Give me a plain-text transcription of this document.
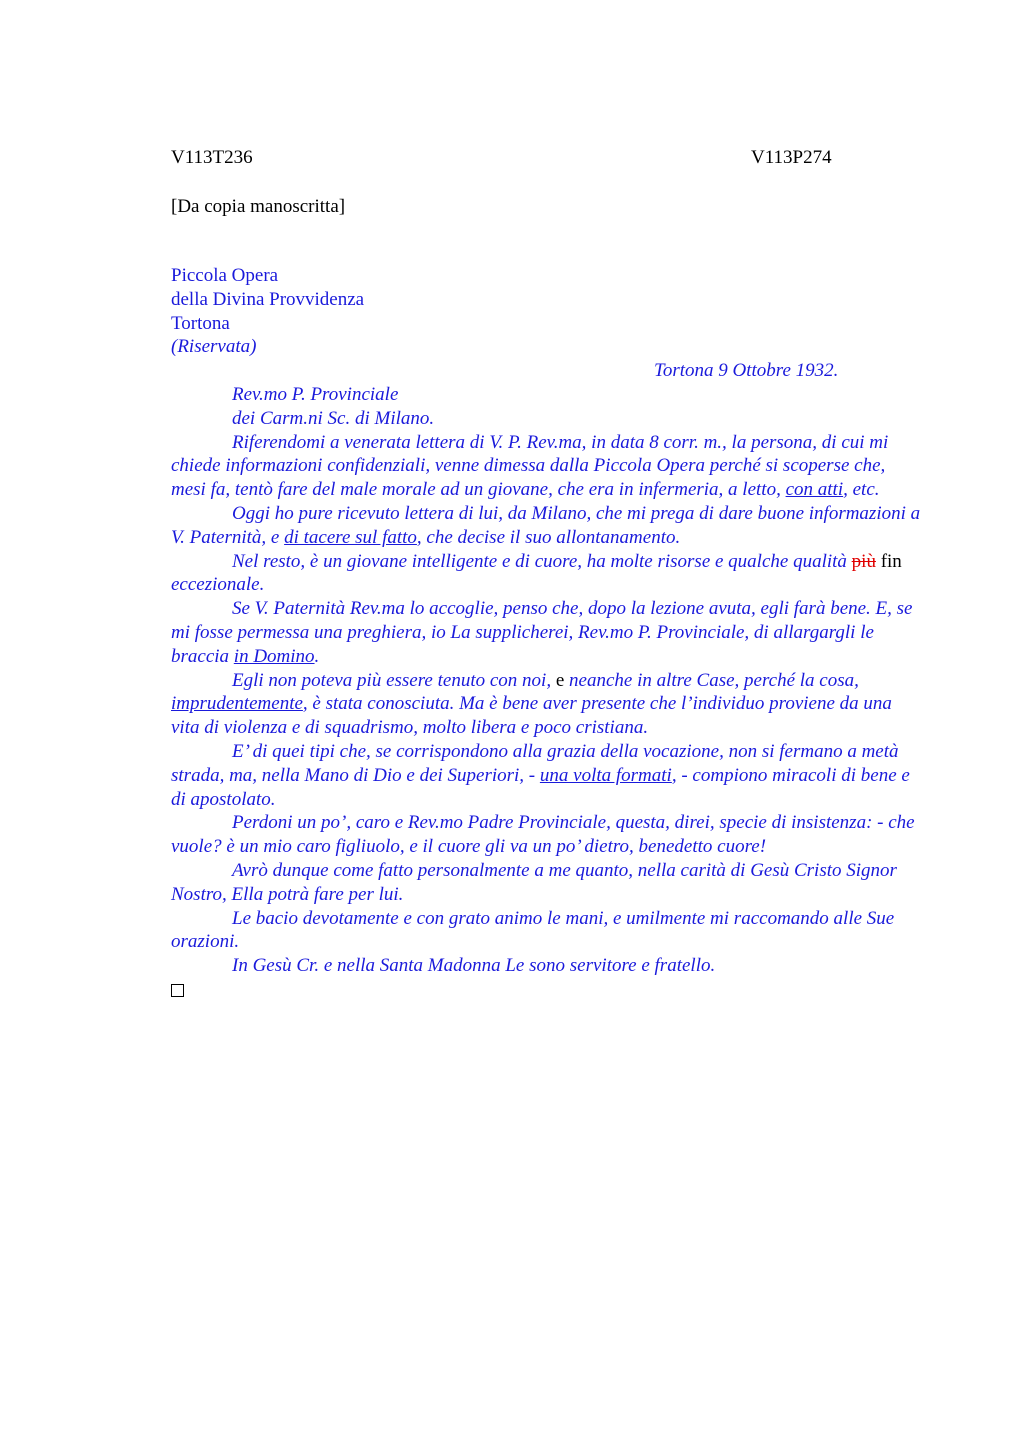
V113T236	V113P274
[Da copia manoscritta]

Piccola Opera

della Divina Provvidenza

Tortona

(Riservata)

Tortona 9 Ottobre 1932.

Rev.mo P. Provinciale

dei Carm.ni Sc. di Milano.

Riferendomi a venerata lettera di V. P. Rev.ma, in data 8 corr. m., la persona, di cui mi chiede informazioni confidenziali, venne dimessa dalla Piccola Opera perché si scoperse che, mesi fa, tentò fare del male morale ad un giovane, che era in infermeria, a letto, con atti, etc.

Oggi ho pure ricevuto lettera di lui, da Milano, che mi prega di dare buone informazioni a V. Paternità, e di tacere sul fatto, che decise il suo allontanamento.

Nel resto, è un giovane intelligente e di cuore, ha molte risorse e qualche qualità più fin eccezionale.

Se V. Paternità Rev.ma lo accoglie, penso che, dopo la lezione avuta, egli farà bene. E, se mi fosse permessa una preghiera, io La supplicherei, Rev.mo P. Provinciale, di allargargli le braccia in Domino.

Egli non poteva più essere tenuto con noi, e neanche in altre Case, perché la cosa, imprudentemente, è stata conosciuta. Ma è bene aver presente che l’individuo proviene da una vita di violenza e di squadrismo, molto libera e poco cristiana.

E’ di quei tipi che, se corrispondono alla grazia della vocazione, non si fermano a metà strada, ma, nella Mano di Dio e dei Superiori, - una volta formati, - compiono miracoli di bene e di apostolato.

Perdoni un po’, caro e Rev.mo Padre Provinciale, questa, direi, specie di insistenza: - che vuole? è un mio caro figliuolo, e il cuore gli va un po’ dietro, benedetto cuore!

Avrò dunque come fatto personalmente a me quanto, nella carità di Gesù Cristo Signor Nostro, Ella potrà fare per lui.

Le bacio devotamente e con grato animo le mani, e umilmente mi raccomando alle Sue orazioni.

In Gesù Cr. e nella Santa Madonna Le sono servitore e fratello.
